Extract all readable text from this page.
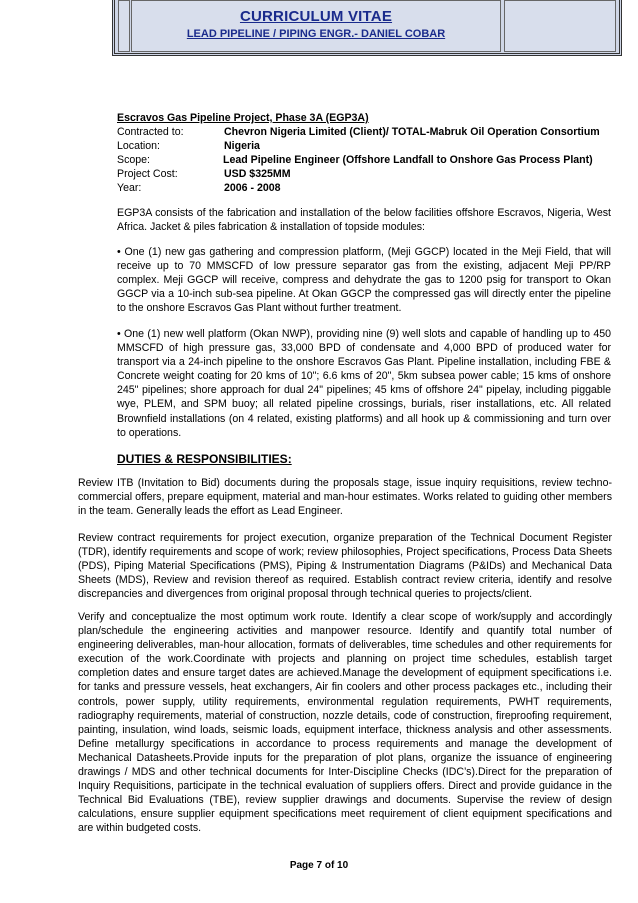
CURRICULUM VITAE
LEAD PIPELINE / PIPING ENGR.- DANIEL COBAR
Escravos Gas Pipeline Project, Phase 3A (EGP3A)
Contracted to:	Chevron Nigeria Limited (Client)/ TOTAL-Mabruk Oil Operation Consortium
Location:	Nigeria
Scope:	Lead Pipeline Engineer (Offshore Landfall to Onshore Gas Process Plant)
Project Cost:	USD $325MM
Year:	2006 - 2008
EGP3A consists of the fabrication and installation of the below facilities offshore Escravos, Nigeria, West Africa. Jacket & piles fabrication & installation of topside modules:
• One (1) new gas gathering and compression platform, (Meji GGCP) located in the Meji Field, that will receive up to 70 MMSCFD of low pressure separator gas from the existing, adjacent Meji PP/RP complex. Meji GGCP will receive, compress and dehydrate the gas to 1200 psig for transport to Okan GGCP via a 10-inch sub-sea pipeline. At Okan GGCP the compressed gas will directly enter the pipeline to the onshore Escravos Gas Plant without further treatment.
• One (1) new well platform (Okan NWP), providing nine (9) well slots and capable of handling up to 450 MMSCFD of high pressure gas, 33,000 BPD of condensate and 4,000 BPD of produced water for transport via a 24-inch pipeline to the onshore Escravos Gas Plant. Pipeline installation, including FBE & Concrete weight coating for 20 kms of 10"; 6.6 kms of 20", 5km subsea power cable; 15 kms of onshore 245" pipelines; shore approach for dual 24" pipelines; 45 kms of offshore 24" pipelay, including piggable wye, PLEM, and SPM buoy; all related pipeline crossings, burials, riser installations, etc. All related Brownfield installations (on 4 related, existing platforms) and all hook up & commissioning and turn over to operations.
DUTIES & RESPONSIBILITIES:
Review ITB (Invitation to Bid) documents during the proposals stage, issue inquiry requisitions, review techno-commercial offers, prepare equipment, material and man-hour estimates. Works related to guiding other members in the team. Generally leads the effort as Lead Engineer.
Review contract requirements for project execution, organize preparation of the Technical Document Register (TDR), identify requirements and scope of work; review philosophies, Project specifications, Process Data Sheets (PDS), Piping Material Specifications (PMS), Piping & Instrumentation Diagrams (P&IDs) and Mechanical Data Sheets (MDS), Review and revision thereof as required. Establish contract review criteria, identify and resolve discrepancies and divergences from original proposal through technical queries to projects/client.
Verify and conceptualize the most optimum work route. Identify a clear scope of work/supply and accordingly plan/schedule the engineering activities and manpower resource. Identify and quantify total number of engineering deliverables, man-hour allocation, formats of deliverables, time schedules and other requirements for execution of the work.Coordinate with projects and planning on project time schedules, establish target completion dates and ensure target dates are achieved.Manage the development of equipment specifications i.e. for tanks and pressure vessels, heat exchangers, Air fin coolers and other process packages etc., including their controls, power supply, utility requirements, environmental regulation requirements, PWHT requirements, radiography requirements, material of construction, nozzle details, code of construction, fireproofing requirement, painting, insulation, wind loads, seismic loads, equipment interface, thickness analysis and other assessments. Define metallurgy specifications in accordance to process requirements and manage the development of Mechanical Datasheets.Provide inputs for the preparation of plot plans, organize the issuance of engineering drawings / MDS and other technical documents for Inter-Discipline Checks (IDC’s).Direct for the preparation of Inquiry Requisitions, participate in the technical evaluation of suppliers offers. Direct and provide guidance in the Technical Bid Evaluations (TBE), review supplier drawings and documents. Supervise the review of design calculations, ensure supplier equipment specifications meet requirement of client equipment specifications and are within budgeted costs.
Page 7 of 10
